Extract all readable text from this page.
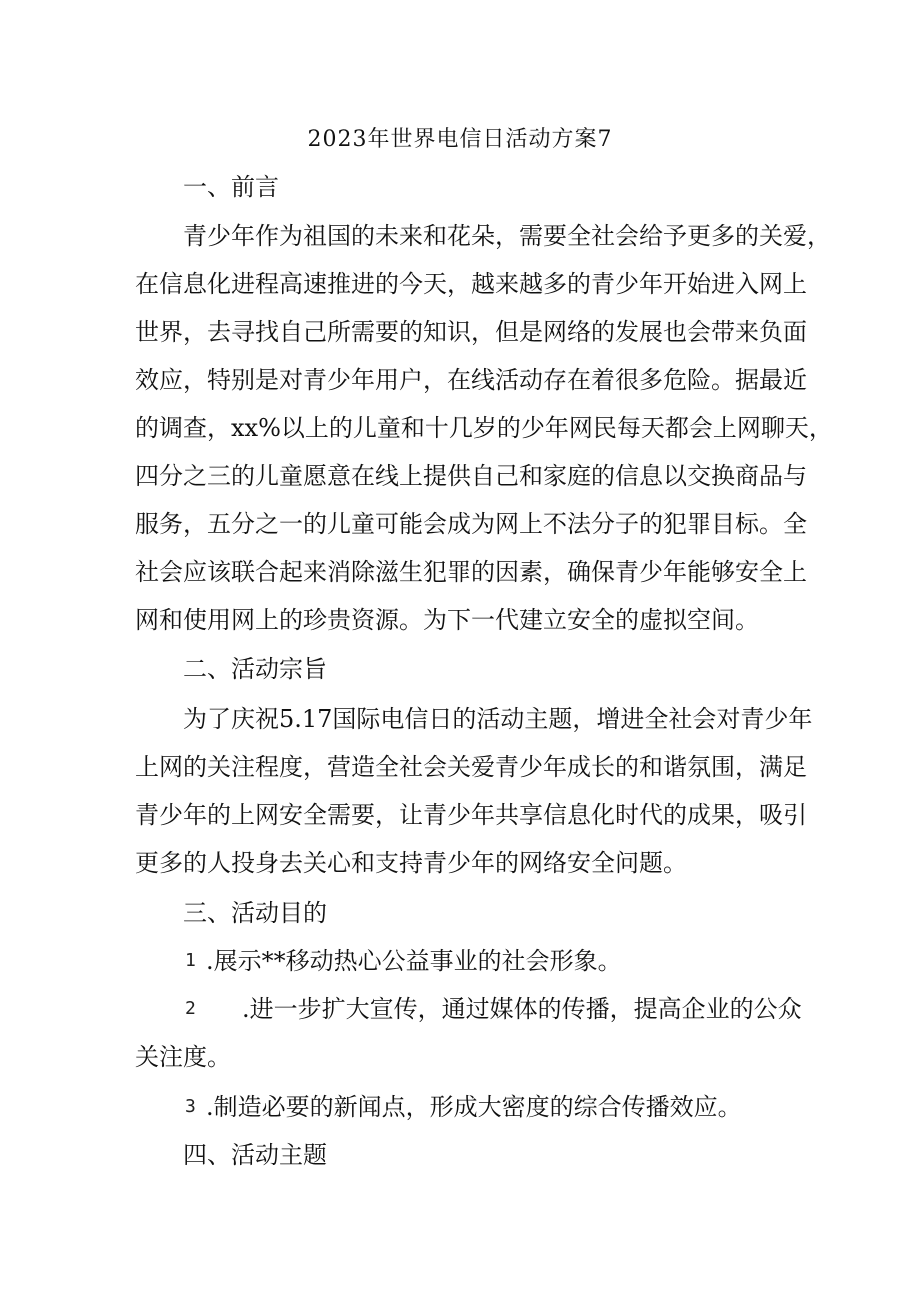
2023年世界电信日活动方案7
一、前言
青少年作为祖国的未来和花朵，需要全社会给予更多的关爱，
在信息化进程高速推进的今天，越来越多的青少年开始进入网上
世界，去寻找自己所需要的知识，但是网络的发展也会带来负面
效应，特别是对青少年用户，在线活动存在着很多危险。据最近
的调查，xx%以上的儿童和十几岁的少年网民每天都会上网聊天，
四分之三的儿童愿意在线上提供自己和家庭的信息以交换商品与
服务，五分之一的儿童可能会成为网上不法分子的犯罪目标。全
社会应该联合起来消除滋生犯罪的因素，确保青少年能够安全上
网和使用网上的珍贵资源。为下一代建立安全的虚拟空间。
二、活动宗旨
为了庆祝5.17国际电信日的活动主题，增进全社会对青少年
上网的关注程度，营造全社会关爱青少年成长的和谐氛围，满足
青少年的上网安全需要，让青少年共享信息化时代的成果，吸引
更多的人投身去关心和支持青少年的网络安全问题。
三、活动目的
1 .展示**移动热心公益事业的社会形象。
2 .进一步扩大宣传，通过媒体的传播，提高企业的公众
关注度。
3 .制造必要的新闻点，形成大密度的综合传播效应。
四、活动主题
